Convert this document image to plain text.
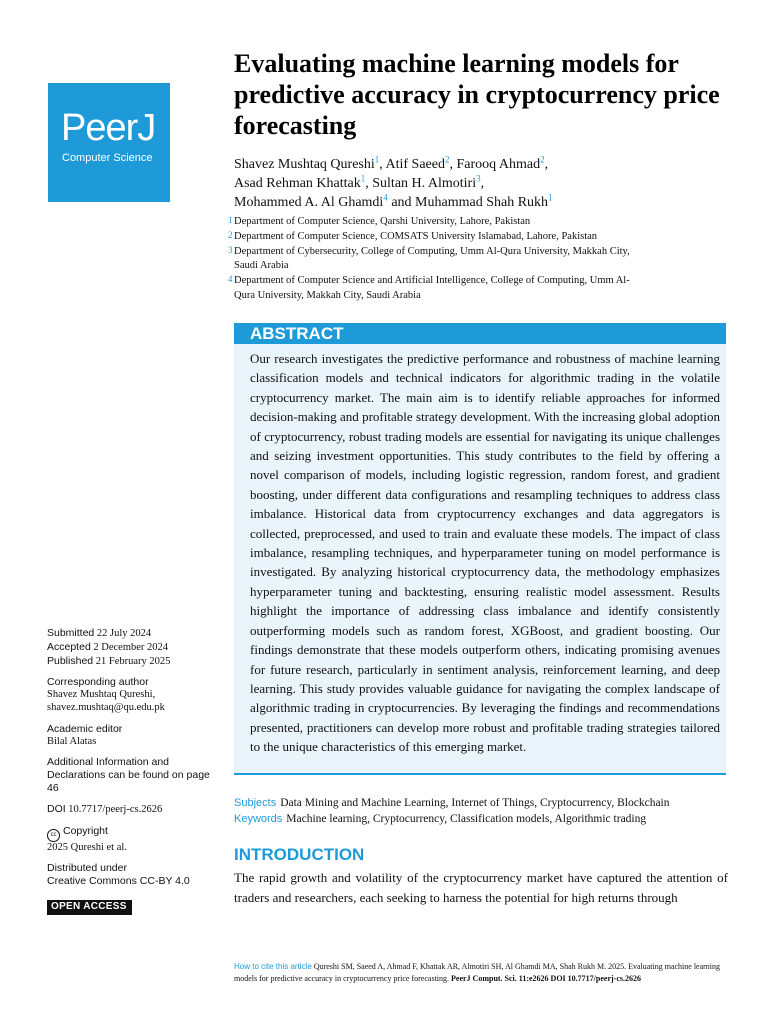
PeerJ
Computer Science
Evaluating machine learning models for predictive accuracy in cryptocurrency price forecasting
Shavez Mushtaq Qureshi$^1$, Atif Saeed$^2$, Farooq Ahmad$^2$,
Asad Rehman Khattak$^1$, Sultan H. Almotiri$^3$,
Mohammed A. Al Ghamdi$^4$ and Muhammad Shah Rukh$^1$
1 Department of Computer Science, Qarshi University, Lahore, Pakistan
2 Department of Computer Science, COMSATS University Islamabad, Lahore, Pakistan
3 Department of Cybersecurity, College of Computing, Umm Al-Qura University, Makkah City, Saudi Arabia
4 Department of Computer Science and Artificial Intelligence, College of Computing, Umm Al-Qura University, Makkah City, Saudi Arabia
ABSTRACT
Our research investigates the predictive performance and robustness of machine learning classification models and technical indicators for algorithmic trading in the volatile cryptocurrency market. The main aim is to identify reliable approaches for informed decision-making and profitable strategy development. With the increasing global adoption of cryptocurrency, robust trading models are essential for navigating its unique challenges and seizing investment opportunities. This study contributes to the field by offering a novel comparison of models, including logistic regression, random forest, and gradient boosting, under different data configurations and resampling techniques to address class imbalance. Historical data from cryptocurrency exchanges and data aggregators is collected, preprocessed, and used to train and evaluate these models. The impact of class imbalance, resampling techniques, and hyperparameter tuning on model performance is investigated. By analyzing historical cryptocurrency data, the methodology emphasizes hyperparameter tuning and backtesting, ensuring realistic model assessment. Results highlight the importance of addressing class imbalance and identify consistently outperforming models such as random forest, XGBoost, and gradient boosting. Our findings demonstrate that these models outperform others, indicating promising avenues for future research, particularly in sentiment analysis, reinforcement learning, and deep learning. This study provides valuable guidance for navigating the complex landscape of algorithmic trading in cryptocurrencies. By leveraging the findings and recommendations presented, practitioners can develop more robust and profitable trading strategies tailored to the unique characteristics of this emerging market.
Subjects Data Mining and Machine Learning, Internet of Things, Cryptocurrency, Blockchain
Keywords Machine learning, Cryptocurrency, Classification models, Algorithmic trading
INTRODUCTION
The rapid growth and volatility of the cryptocurrency market have captured the attention of traders and researchers, each seeking to harness the potential for high returns through
Submitted 22 July 2024
Accepted 2 December 2024
Published 21 February 2025
Corresponding author
Shavez Mushtaq Qureshi,
shavez.mushtaq@qu.edu.pk
Academic editor
Bilal Alatas
Additional Information and Declarations can be found on page 46
DOI 10.7717/peerj-cs.2626
cc Copyright
2025 Qureshi et al.
Distributed under
Creative Commons CC-BY 4.0
OPEN ACCESS
How to cite this article Qureshi SM, Saeed A, Ahmad F, Khattak AR, Almotiri SH, Al Ghamdi MA, Shah Rukh M. 2025. Evaluating machine learning models for predictive accuracy in cryptocurrency price forecasting. PeerJ Comput. Sci. 11:e2626 DOI 10.7717/peerj-cs.2626
